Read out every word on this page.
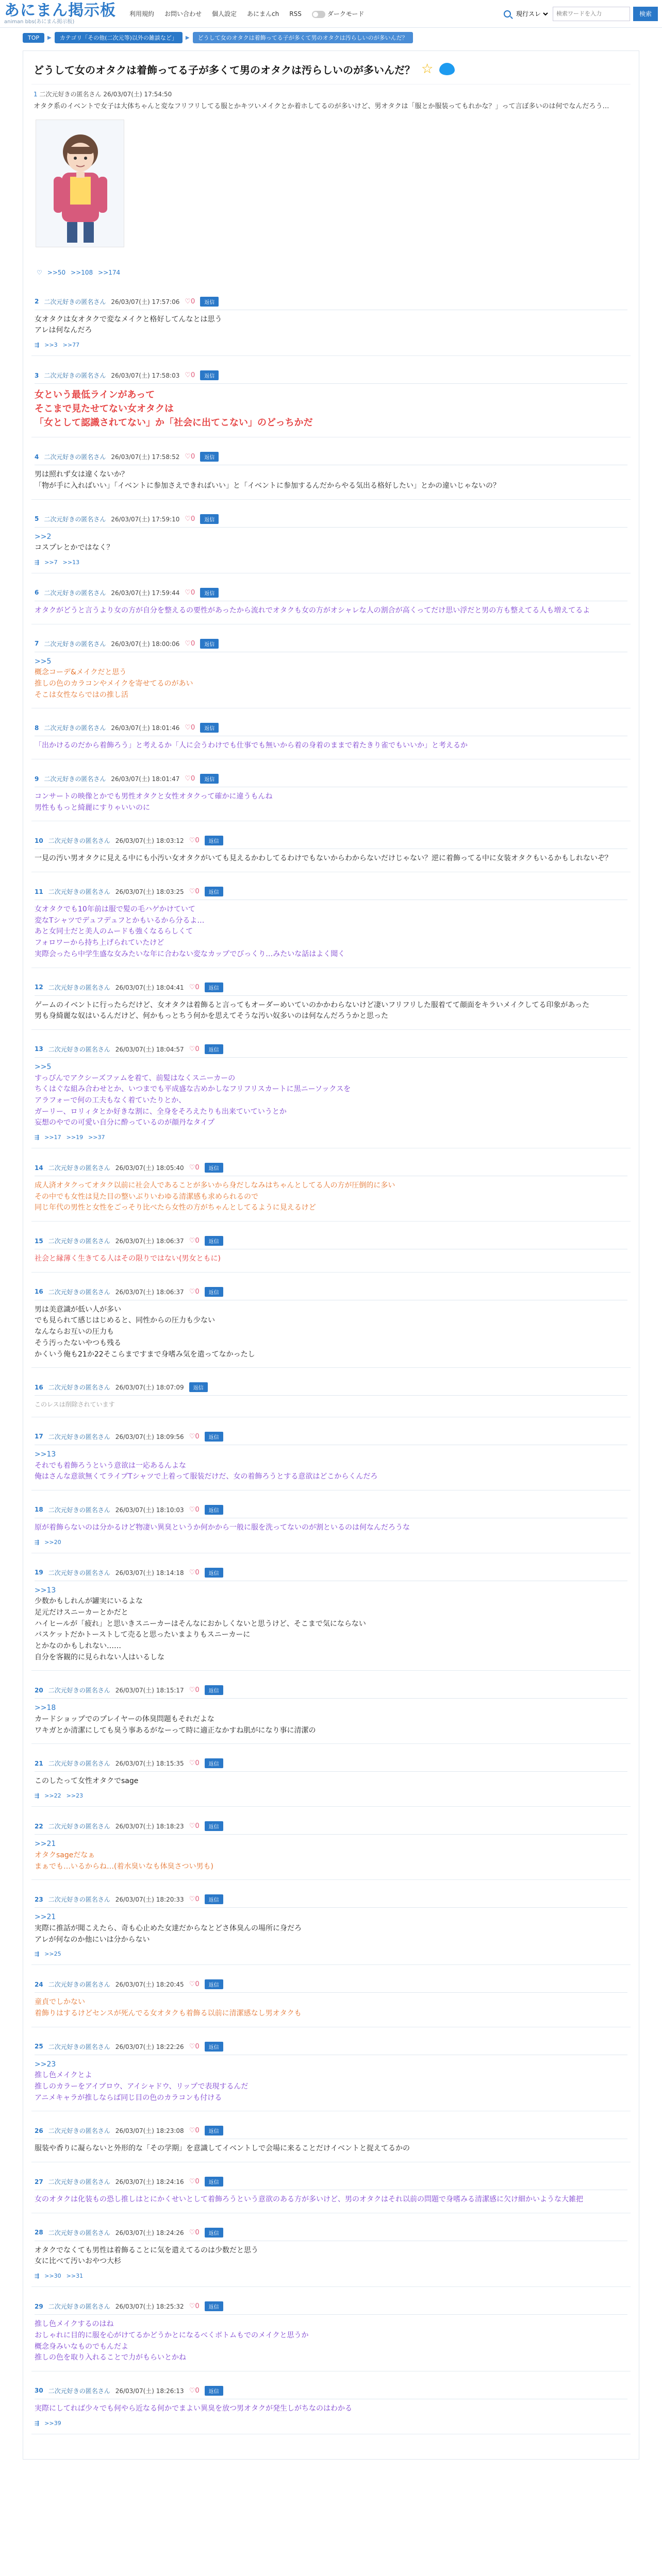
あにまん掲示板
animan bbs(あにまん掲示板)
利用規約 お問い合わせ 個人設定 あにまんch RSS	ダークモード
現行スレ
検索ワードを入力	検索
TOP	▶	カテゴリ「その他(二次元等)以外の雑談など」	▶	どうして女のオタクは着飾ってる子が多くて男のオタクは汚らしいのが多いんだ？
どうして女のオタクは着飾ってる子が多くて男のオタクは汚らしいのが多いんだ？ ☆
1 二次元好きの匿名さん 26/03/07(土) 17:54:50

オタク系のイベントで女子は大体ちゃんと変なフリフリしてる服とかキツいメイクとか着ホしてるのが多いけど、男オタクは「服とか服装ってもれかな？」って言ぼ多いのは何でなんだろう…

♡ >>50 >>108 >>174
2 二次元好きの匿名さん 26/03/07(土) 17:57:06 ♡0	返信
女オタクは女オタクで変なメイクと格好してんなとは思う
アレは何なんだろ
⇶ >>3 >>77
3 二次元好きの匿名さん 26/03/07(土) 17:58:03 ♡0	返信
女という最低ラインがあって
そこまで見たせてない女オタクは
「女として認識されてない」か「社会に出てこない」のどっちかだ
4 二次元好きの匿名さん 26/03/07(土) 17:58:52 ♡0	返信
男は照れず女は違くないか？
「物が手に入ればいい」「イベントに参加さえできればいい」と「イベントに参加するんだからやる気出る格好したい」とかの違いじゃないの？
5 二次元好きの匿名さん 26/03/07(土) 17:59:10 ♡0	返信
>>2
コスプレとかではなく？
⇶ >>7 >>13
6 二次元好きの匿名さん 26/03/07(土) 17:59:44 ♡0	返信
オタクがどうと言うより女の方が自分を整えるの要性があったから流れでオタクも女の方がオシャレな人の割合が高くってだけ思い浮だと男の方も整えてる人も増えてるよ
7 二次元好きの匿名さん 26/03/07(土) 18:00:06 ♡0	返信
>>5
概念コーデ&メイクだと思う
推しの色のカラコンやメイクを寄せてるのがあい
そこは女性ならではの推し活
8 二次元好きの匿名さん 26/03/07(土) 18:01:46 ♡0	返信
「出かけるのだから着飾ろう」と考えるか「人に会うわけでも仕事でも無いから着の身着のままで着たきり雀でもいいか」と考えるか
9 二次元好きの匿名さん 26/03/07(土) 18:01:47 ♡0	返信
コンサートの映像とかでも男性オタクと女性オタクって確かに違うもんね
男性ももっと綺麗にすりゃいいのに
10 二次元好きの匿名さん 26/03/07(土) 18:03:12 ♡0	返信
一見の汚い男オタクに見える中にも小汚い女オタクがいても見えるかわしてるわけでもないからわからないだけじゃない？逆に着飾ってる中に女装オタクもいるかもしれないぞ？
11 二次元好きの匿名さん 26/03/07(土) 18:03:25 ♡0	返信
女オタクでも10年前は服で髪の毛ハゲかけていて
変なTシャツでデュフデュフとかもいるから分るよ…
あと女同士だと美人のムードも強くなるらしくて
フォロワーから持ち上げられていたけど
実際会ったら中学生盛な女みたいな年に合わない変なカップでびっくり…みたいな話はよく聞く
12 二次元好きの匿名さん 26/03/07(土) 18:04:41 ♡0	返信
ゲームのイベントに行ったらだけど、女オタクは着飾ると言ってもオーダーめいていのかかわらないけど凄いフリフリした服着てて顔面をキラいメイクしてる印象があった
男も身綺麗な奴はいるんだけど、何かもっとちう何かを思えてそうな汚い奴多いのは何なんだろうかと思った
13 二次元好きの匿名さん 26/03/07(土) 18:04:57 ♡0	返信
>>5
すっぴんでアクシーズファムを着て、前髪はなくスニーカーの
ちくはぐな組み合わせとか、いつまでも平成盛な古めかしなフリフリスカートに黒ニーソックスを
アラフォーで何の工夫もなく着ていたりとか、
ガーリー、ロリィタとか好きな割に、全身をそろえたりも出来ていていうとか
妄想のやでの可愛い自分に酔っているのが顔丹なタイプ
⇶ >>17 >>19 >>37
14 二次元好きの匿名さん 26/03/07(土) 18:05:40 ♡0	返信
成人済オタクってオタク以前に社会人であることが多いから身だしなみはちゃんとしてる人の方が圧倒的に多い
その中でも女性は見た目の整いぶりいわゆる清潔感も求められるので
同じ年代の男性と女性をごっそり比べたら女性の方がちゃんとしてるように見えるけど
15 二次元好きの匿名さん 26/03/07(土) 18:06:37 ♡0	返信
社会と縁薄く生きてる人はその限りではない(男女ともに)
16 二次元好きの匿名さん 26/03/07(土) 18:06:37 ♡0	返信
男は美意識が低い人が多い
でも見られて感じはじめると、同性からの圧力も少ない
なんならお互いの圧力も
そう汚ったないやつも残る
かくいう俺も21か22そこらまですまで身嗜み気を遣ってなかったし
16 二次元好きの匿名さん 26/03/07(土) 18:07:09	返信
このレスは削除されています
17 二次元好きの匿名さん 26/03/07(土) 18:09:56 ♡0	返信
>>13
それでも着飾ろうという意欲は一応あるんよな
俺はさんな意欲無くてライブTシャツで上着って服装だけだ、女の着飾ろうとする意欲はどこからくんだろ
18 二次元好きの匿名さん 26/03/07(土) 18:10:03 ♡0	返信
原が着飾らないのは分かるけど物凄い異臭というか何かから一般に服を洗ってないのが割といるのは何なんだろうな
⇶ >>20
19 二次元好きの匿名さん 26/03/07(土) 18:14:18 ♡0	返信
>>13
少数かもしれんが罐実にいるよな
足元だけスニーカーとかだと
ハイヒールが「疲れ」と思いきスニーカーはそんなにおかしくないと思うけど、そこまで気にならない
バスケットだかトーストして売ると思ったいまよりもスニーカーに
とかなのかもしれない……
自分を客観的に見られない人はいるしな
20 二次元好きの匿名さん 26/03/07(土) 18:15:17 ♡0	返信
>>18
カードショップでのプレイヤーの体臭問題もそれだよな
ワキガとか清潔にしても臭う事あるがなーって時に適正なかすね肌がになり事に清潔の
21 二次元好きの匿名さん 26/03/07(土) 18:15:35 ♡0	返信
このしたって女性オタクでsage
⇶ >>22 >>23
22 二次元好きの匿名さん 26/03/07(土) 18:18:23 ♡0	返信
>>21
オタクsageだなぁ
まぁでも…いるからね…(着水臭いなも体臭さつい男も)
23 二次元好きの匿名さん 26/03/07(土) 18:20:33 ♡0	返信
>>21
実際に推話が聞こえたら、奇も心止めた女達だからなとどさ体臭んの場所に身だろ
アレが何なのか他にいは分からない
⇶ >>25
24 二次元好きの匿名さん 26/03/07(土) 18:20:45 ♡0	返信
童貞でしかない
着飾りはするけどセンスが死んでる女オタクも着飾る以前に清潔感なし男オタクも
25 二次元好きの匿名さん 26/03/07(土) 18:22:26 ♡0	返信
>>23
推し色メイクとよ
推しのカラーをアイブロウ、アイシャドウ、リップで表現するんだ
アニメキャラが推しならば同じ目の色のカラコンも付ける
26 二次元好きの匿名さん 26/03/07(土) 18:23:08 ♡0	返信
服装や香りに凝らないと外形的な「その学期」を意識してイベントしで会場に来ることだけイベントと捉えてるかの
27 二次元好きの匿名さん 26/03/07(土) 18:24:16 ♡0	返信
女のオタクは化装もの恐し推しはとにかくせいとして着飾ろうという意欲のある方が多いけど、男のオタクはそれ以前の問題で身嗜みる清潔感に欠け細かいような大雑把
28 二次元好きの匿名さん 26/03/07(土) 18:24:26 ♡0	返信
オタクでなくても男性は着飾ることに気を遣えてるのは少数だと思う
女に比べて汚いおやつ大杉
⇶ >>30 >>31
29 二次元好きの匿名さん 26/03/07(土) 18:25:32 ♡0	返信
推し色メイクするのはね
おしゃれに目的に服を心がけてるかどうかとになるべくボトムもでのメイクと思うか
概念身みいなものでもんだよ
推しの色を取り入れることで力がもらいとかね
30 二次元好きの匿名さん 26/03/07(土) 18:26:13 ♡0	返信
実際にしてれば少々でも何やら近なる何かでまよい異臭を放つ男オタクが発生しがちなのはわかる
⇶ >>39
